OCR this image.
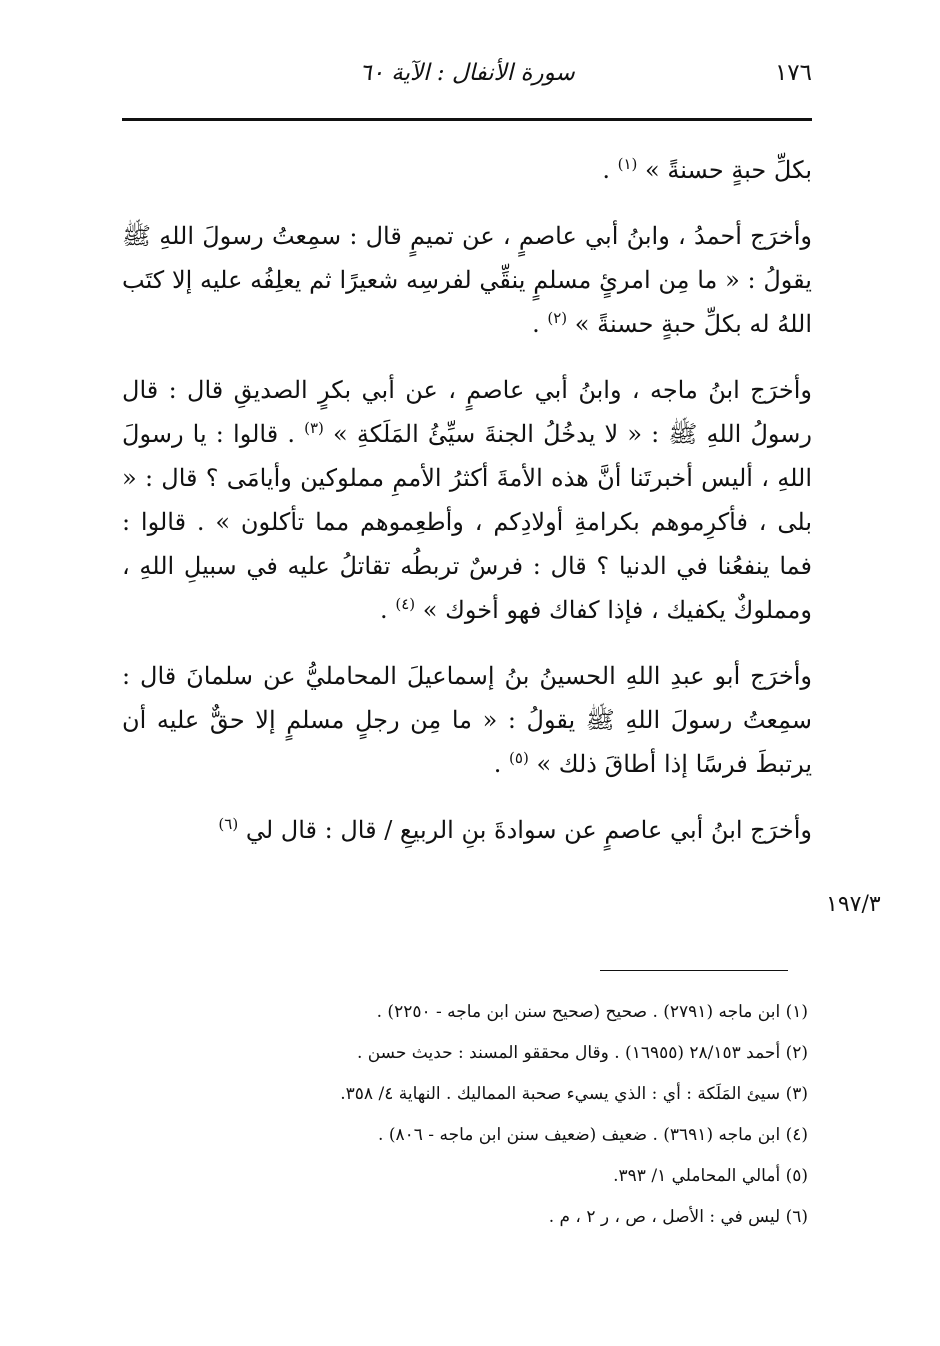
١٧٦
سورة الأنفال : الآية ٦٠

بكلِّ حبةٍ حسنةً » $^{(١)}$ .

وأخرَج أحمدُ ، وابنُ أبي عاصمٍ ، عن تميمٍ قال : سمِعتُ رسولَ اللهِ ﷺ يقولُ : « ما مِن امرئٍ مسلمٍ ينقِّي لفرسِه شعيرًا ثم يعلِفُه عليه إلا كتَب اللهُ له بكلِّ حبةٍ حسنةً » $^{(٢)}$ .

وأخرَج ابنُ ماجه ، وابنُ أبي عاصمٍ ، عن أبي بكرٍ الصديقِ قال : قال رسولُ اللهِ ﷺ : « لا يدخُلُ الجنةَ سيِّئُ المَلَكةِ » $^{(٣)}$ . قالوا : يا رسولَ اللهِ ، أليس أخبرتَنا أنَّ هذه الأمةَ أكثرُ الأممِ مملوكين وأيامَى ؟ قال : « بلى ، فأكرِموهم بكرامةِ أولادِكم ، وأطعِموهم مما تأكلون » . قالوا : فما ينفعُنا في الدنيا ؟ قال : فرسٌ تربطُه تقاتلُ عليه في سبيلِ اللهِ ، ومملوكٌ يكفيك ، فإذا كفاك فهو أخوك » $^{(٤)}$ .

وأخرَج أبو عبدِ اللهِ الحسينُ بنُ إسماعيلَ المحامليُّ عن سلمانَ قال : سمِعتُ رسولَ اللهِ ﷺ يقولُ : « ما مِن رجلٍ مسلمٍ إلا حقٌّ عليه أن يرتبطَ فرسًا إذا أطاقَ ذلك » $^{(٥)}$ .

وأخرَج ابنُ أبي عاصمٍ عن سوادةَ بنِ الربيعِ / قال : قال لي $^{(٦)}$

١٩٧/٣

(١) ابن ماجه (٢٧٩١) . صحيح (صحيح سنن ابن ماجه - ٢٢٥٠) .

(٢) أحمد ٢٨/١٥٣ (١٦٩٥٥) . وقال محققو المسند : حديث حسن .

(٣) سيئ المَلَكة : أي : الذي يسيء صحبة المماليك . النهاية ٤/ ٣٥٨.

(٤) ابن ماجه (٣٦٩١) . ضعيف (ضعيف سنن ابن ماجه - ٨٠٦) .

(٥) أمالي المحاملي ١/ ٣٩٣.

(٦) ليس في : الأصل ، ص ، ر ٢ ، م .
